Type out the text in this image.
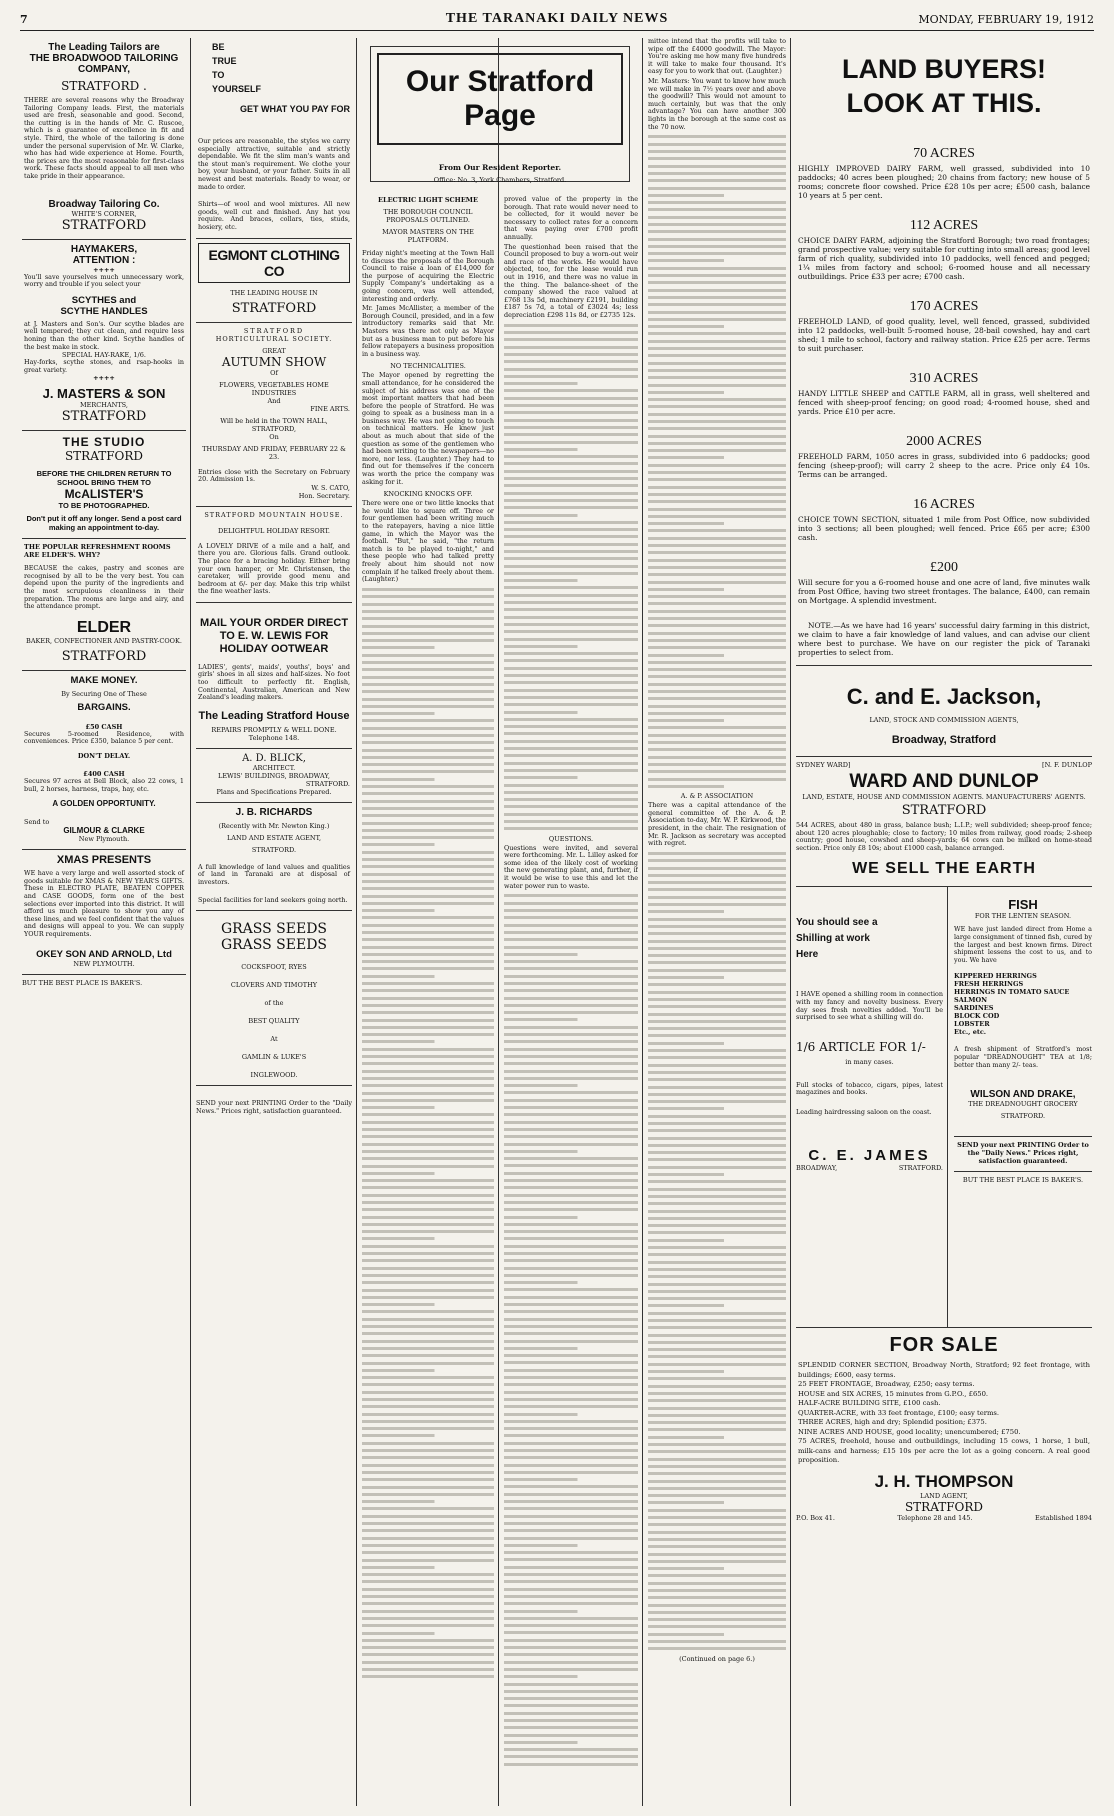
7	THE TARANAKI DAILY NEWS	MONDAY, FEBRUARY 19, 1912
The Leading Tailors are
THE BROADWOOD TAILORING
COMPANY,
STRATFORD .
THERE are several reasons why the Broadway Tailoring Company leads. First, the materials used are fresh, seasonable and good. Second, the cutting is in the hands of Mr. C. Ruscoe, which is a guarantee of excellence in fit and style. Third, the whole of the tailoring is done under the personal supervision of Mr. W. Clarke, who has had wide experience at Home. Fourth, the prices are the most reasonable for first-class work. These facts should appeal to all men who take pride in their appearance.
Broadway Tailoring Co.
WHITE'S CORNER,
STRATFORD
HAYMAKERS,
ATTENTION :
++++
You'll save yourselves much unnecessary work, worry and trouble if you select your
SCYTHES and
SCYTHE HANDLES
at J. Masters and Son's. Our scythe blades are well tempered; they cut clean, and require less honing than the other kind. Scythe handles of the best make in stock.
SPECIAL HAY-RAKE, 1/6.
Hay-forks, scythe stones, and rsap-hooks in great variety.
++++
J. MASTERS & SON
MERCHANTS,
STRATFORD
THE STUDIO
STRATFORD
BEFORE THE CHILDREN RETURN TO SCHOOL BRING THEM TO
McALISTER'S
TO BE PHOTOGRAPHED.
Don't put it off any longer. Send a post card making an appointment to-day.
THE POPULAR REFRESHMENT ROOMS ARE ELDER'S. WHY?
BECAUSE the cakes, pastry and scones are recognised by all to be the very best. You can depend upon the purity of the ingredients and the most scrupulous cleanliness in their preparation. The rooms are large and airy, and the attendance prompt.
ELDER
BAKER, CONFECTIONER AND PASTRY-COOK.
STRATFORD
MAKE MONEY.
By Securing One of These
BARGAINS.
£50 CASH
Secures 5-roomed Residence, with conveniences. Price £350, balance 5 per cent.
DON'T DELAY.
£400 CASH
Secures 97 acres at Bell Block, also 22 cows, 1 bull, 2 horses, harness, traps, hay, etc.
A GOLDEN OPPORTUNITY.
Send to
GILMOUR & CLARKE
New Plymouth.
XMAS PRESENTS
WE have a very large and well assorted stock of goods suitable for XMAS & NEW YEAR'S GIFTS. These in ELECTRO PLATE, BEATEN COPPER and CASE GOODS, form one of the best selections ever imported into this district. It will afford us much pleasure to show you any of these lines, and we feel confident that the values and designs will appeal to you. We can supply YOUR requirements.
OKEY SON AND ARNOLD, Ltd
NEW PLYMOUTH.
BUT THE BEST PLACE IS BAKER'S.
BE
TRUE
TO
YOURSELF
GET WHAT YOU PAY FOR
Our prices are reasonable, the styles we carry especially attractive, suitable and strictly dependable. We fit the slim man's wants and the stout man's requirement. We clothe your boy, your husband, or your father. Suits in all newest and best materials. Ready to wear, or made to order.
Shirts—of wool and wool mixtures. All new goods, well cut and finished. Any hat you require. And braces, collars, ties, studs, hosiery, etc.
EGMONT CLOTHING CO
THE LEADING HOUSE IN
STRATFORD
STRATFORD
HORTICULTURAL SOCIETY.
GREAT
AUTUMN SHOW
Of
FLOWERS, VEGETABLES HOME INDUSTRIES
And
FINE ARTS.
Will be held in the TOWN HALL, STRATFORD,
On
THURSDAY AND FRIDAY, FEBRUARY 22 & 23.
Entries close with the Secretary on February 20. Admission 1s.
W. S. CATO,
Hon. Secretary.
STRATFORD MOUNTAIN HOUSE.
DELIGHTFUL HOLIDAY RESORT.
A LOVELY DRIVE of a mile and a half, and there you are. Glorious falls. Grand outlook. The place for a bracing holiday. Either bring your own hamper, or Mr. Christensen, the caretaker, will provide good menu and bedroom at 6/- per day. Make this trip whilst the fine weather lasts.
MAIL YOUR ORDER DIRECT TO E. W. LEWIS FOR HOLIDAY OOTWEAR
LADIES', gents', maids', youths', boys' and girls' shoes in all sizes and half-sizes. No foot too difficult to perfectly fit. English, Continental, Australian, American and New Zealand's leading makers.
The Leading Stratford House
REPAIRS PROMPTLY & WELL DONE.
Telephone 148.
A. D. BLICK,
ARCHITECT.
LEWIS' BUILDINGS, BROADWAY,
STRATFORD.
Plans and Specifications Prepared.
J. B. RICHARDS
(Recently with Mr. Newton King.)
LAND AND ESTATE AGENT,
STRATFORD.
A full knowledge of land values and qualities of land in Taranaki are at disposal of investors.
Special facilities for land seekers going north.
GRASS SEEDS
GRASS SEEDS
COCKSFOOT, RYES
CLOVERS AND TIMOTHY
of the
BEST QUALITY
At
GAMLIN & LUKE'S
INGLEWOOD.
SEND your next PRINTING Order to the "Daily News." Prices right, satisfaction guaranteed.
Our Stratford Page
From Our Resident Reporter.
Office: No. 3, York Chambers, Stratford.
ELECTRIC LIGHT SCHEME
THE BOROUGH COUNCIL PROPOSALS OUTLINED.
MAYOR MASTERS ON THE PLATFORM.
Friday night's meeting at the Town Hall to discuss the proposals of the Borough Council to raise a loan of £14,000 for the purpose of acquiring the Electric Supply Company's undertaking as a going concern, was well attended, interesting and orderly.
Mr. James McAllister, a member of the Borough Council, presided, and in a few introductory remarks said that Mr. Masters was there not only as Mayor but as a business man to put before his fellow ratepayers a business proposition in a business way.
NO TECHNICALITIES.
The Mayor opened by regretting the small attendance, for he considered the subject of his address was one of the most important matters that had been before the people of Stratford. He was going to speak as a business man in a business way. He was not going to touch on technical matters. He knew just about as much about that side of the question as some of the gentlemen who had been writing to the newspapers—no more, nor less. (Laughter.) They had to find out for themselves if the concern was worth the price the company was asking for it.
KNOCKING KNOCKS OFF.
There were one or two little knocks that he would like to square off. Three or four gentlemen had been writing much to the ratepayers, having a nice little game, in which the Mayor was the football. "But," he said, "the return match is to be played to-night," and these people who had talked pretty freely about him should not now complain if he talked freely about them. (Laughter.)
proved value of the property in the borough. That rate would never need to be collected, for it would never be necessary to collect rates for a concern that was paying over £700 profit annually.
The questionhad been raised that the Council proposed to buy a worn-out weir and race of the works. He would have objected, too, for the lease would run out in 1916, and there was no value in the thing. The balance-sheet of the company showed the race valued at £768 13s 5d, machinery £2191, building £187 5s 7d, a total of £3024 4s; less depreciation £298 11s 8d, or £2735 12s.
QUESTIONS.
Questions were invited, and several were forthcoming. Mr. L. Lilley asked for some idea of the likely cost of working the new generating plant, and, further, if it would be wise to use this and let the water power run to waste.
mittee intend that the profits will take to wipe off the £4000 goodwill. The Mayor: You're asking me how many five hundreds it will take to make four thousand. It's easy for you to work that out. (Laughter.)
Mr. Masters: You want to know how much we will make in 7½ years over and above the goodwill? This would not amount to much certainly, but was that the only advantage? You can have another 300 lights in the borough at the same cost as the 70 now.
A. & P. ASSOCIATION
There was a capital attendance of the general committee of the A. & P. Association to-day, Mr. W. P. Kirkwood, the president, in the chair. The resignation of Mr. R. Jackson as secretary was accepted with regret.
(Continued on page 6.)
LAND BUYERS!
LOOK AT THIS.
70 ACRES
HIGHLY IMPROVED DAIRY FARM, well grassed, subdivided into 10 paddocks; 40 acres been ploughed; 20 chains from factory; new house of 5 rooms; concrete floor cowshed. Price £28 10s per acre; £500 cash, balance 10 years at 5 per cent.
112 ACRES
CHOICE DAIRY FARM, adjoining the Stratford Borough; two road frontages; grand prospective value; very suitable for cutting into small areas; good level farm of rich quality, subdivided into 10 paddocks, well fenced and pegged; 1¼ miles from factory and school; 6-roomed house and all necessary outbuildings. Price £33 per acre; £700 cash.
170 ACRES
FREEHOLD LAND, of good quality, level, well fenced, grassed, subdivided into 12 paddocks, well-built 5-roomed house, 28-bail cowshed, hay and cart shed; 1 mile to school, factory and railway station. Price £25 per acre. Terms to suit purchaser.
310 ACRES
HANDY LITTLE SHEEP and CATTLE FARM, all in grass, well sheltered and fenced with sheep-proof fencing; on good road; 4-roomed house, shed and yards. Price £10 per acre.
2000 ACRES
FREEHOLD FARM, 1050 acres in grass, subdivided into 6 paddocks; good fencing (sheep-proof); will carry 2 sheep to the acre. Price only £4 10s. Terms can be arranged.
16 ACRES
CHOICE TOWN SECTION, situated 1 mile from Post Office, now subdivided into 3 sections; all been ploughed; well fenced. Price £65 per acre; £300 cash.
£200
Will secure for you a 6-roomed house and one acre of land, five minutes walk from Post Office, having two street frontages. The balance, £400, can remain on Mortgage. A splendid investment.
NOTE.—As we have had 16 years' successful dairy farming in this district, we claim to have a fair knowledge of land values, and can advise our client where best to purchase. We have on our register the pick of Taranaki properties to select from.
C. and E. Jackson,
LAND, STOCK AND COMMISSION AGENTS,
Broadway, Stratford
SYDNEY WARD]	[N. F. DUNLOP
WARD AND DUNLOP
LAND, ESTATE, HOUSE AND COMMISSION AGENTS. MANUFACTURERS' AGENTS.
STRATFORD
544 ACRES, about 480 in grass, balance bush; L.I.P.; well subdivided; sheep-proof fence; about 120 acres ploughable; close to factory; 10 miles from railway, good roads; 2-sheep country; good house, cowshed and sheep-yards; 64 cows can be milked on home-stead section. Price only £8 10s; about £1000 cash, balance arranged.
WE SELL THE EARTH
You should see a
Shilling at work
Here
I HAVE opened a shilling room in connection with my fancy and novelty business. Every day sees fresh novelties added. You'll be surprised to see what a shilling will do.
1/6 ARTICLE FOR 1/-
in many cases.
Full stocks of tobacco, cigars, pipes, latest magazines and books.
Leading hairdressing saloon on the coast.
C. E. JAMES
BROADWAY,	STRATFORD.
FISH
FOR THE LENTEN SEASON.
WE have just landed direct from Home a large consignment of tinned fish, cured by the largest and best known firms. Direct shipment lessens the cost to us, and to you. We have
KIPPERED HERRINGS
FRESH HERRINGS
HERRINGS IN TOMATO SAUCE
SALMON
SARDINES
BLOCK COD
LOBSTER
Etc., etc.
A fresh shipment of Stratford's most popular "DREADNOUGHT" TEA at 1/8; better than many 2/- teas.
WILSON AND DRAKE,
THE DREADNOUGHT GROCERY
STRATFORD.
SEND your next PRINTING Order to the "Daily News." Prices right, satisfaction guaranteed.
BUT THE BEST PLACE IS BAKER'S.
FOR SALE
SPLENDID CORNER SECTION, Broadway North, Stratford; 92 feet frontage, with buildings; £600, easy terms.
25 FEET FRONTAGE, Broadway, £250; easy terms.
HOUSE and SIX ACRES, 15 minutes from G.P.O., £650.
HALF-ACRE BUILDING SITE, £100 cash.
QUARTER-ACRE, with 33 feet frontage, £100; easy terms.
THREE ACRES, high and dry; Splendid position; £375.
NINE ACRES AND HOUSE, good locality; unencumbered; £750.
75 ACRES, freehold, house and outbuildings, including 15 cows, 1 horse, 1 bull, milk-cans and harness; £15 10s per acre the lot as a going concern. A real good proposition.
J. H. THOMPSON
LAND AGENT,
STRATFORD
P.O. Box 41.	Telephone 28 and 145.	Established 1894
